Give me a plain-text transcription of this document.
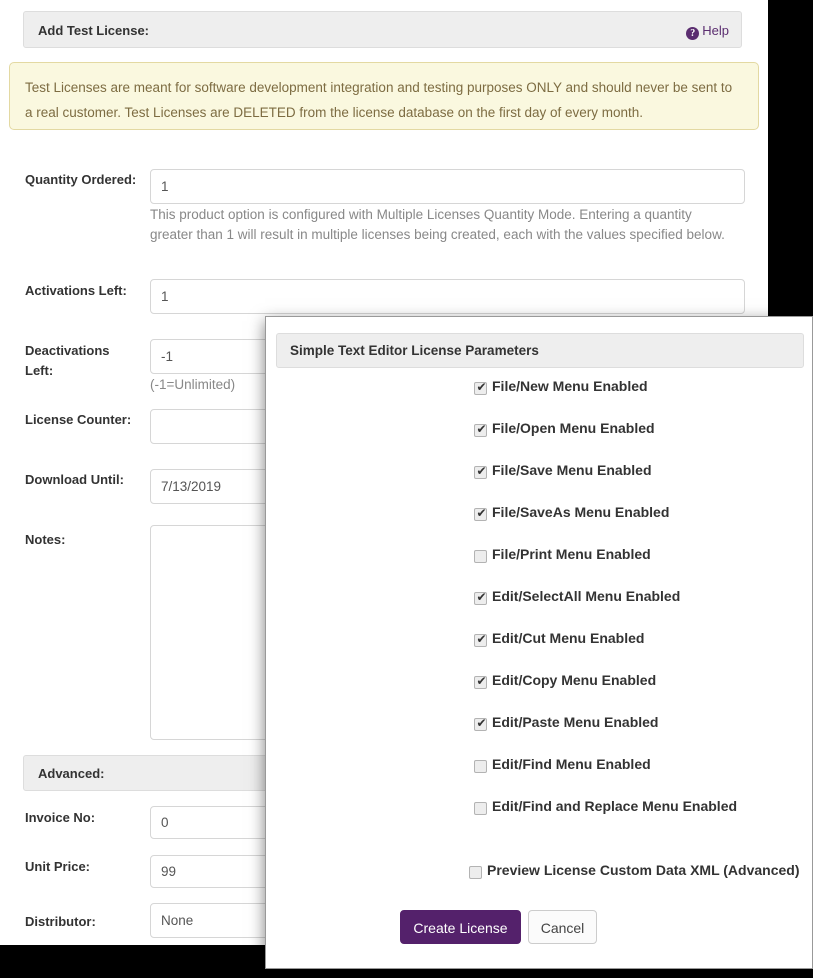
Add Test License:	? Help
Test Licenses are meant for software development integration and testing purposes ONLY and should never be sent to a real customer. Test Licenses are DELETED from the license database on the first day of every month.
Quantity Ordered:
1
This product option is configured with Multiple Licenses Quantity Mode. Entering a quantity greater than 1 will result in multiple licenses being created, each with the values specified below.
Activations Left:
1
Deactivations Left:
-1
(-1=Unlimited)
License Counter:
Download Until:
7/13/2019
Notes:
Advanced:
Invoice No:
0
Unit Price:
99
Distributor:
None
Simple Text Editor License Parameters
✔
File/New Menu Enabled
✔
File/Open Menu Enabled
✔
File/Save Menu Enabled
✔
File/SaveAs Menu Enabled
File/Print Menu Enabled
✔
Edit/SelectAll Menu Enabled
✔
Edit/Cut Menu Enabled
✔
Edit/Copy Menu Enabled
✔
Edit/Paste Menu Enabled
Edit/Find Menu Enabled
Edit/Find and Replace Menu Enabled
Preview License Custom Data XML (Advanced)
Create License	Cancel
